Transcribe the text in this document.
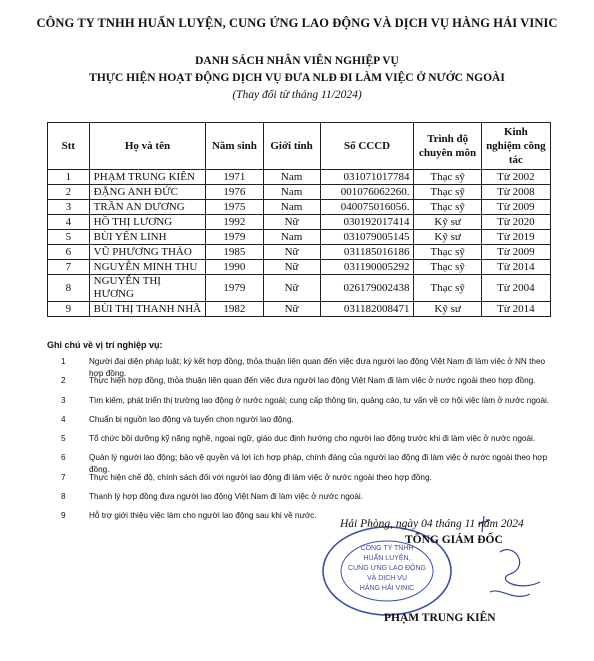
CÔNG TY TNHH HUẤN LUYỆN, CUNG ỨNG LAO ĐỘNG VÀ DỊCH VỤ HÀNG HẢI VINIC
DANH SÁCH NHÂN VIÊN NGHIỆP VỤ
THỰC HIỆN HOẠT ĐỘNG DỊCH VỤ ĐƯA NLĐ ĐI LÀM VIỆC Ở NƯỚC NGOÀI
(Thay đổi từ tháng 11/2024)
Stt	Họ và tên	Năm sinh	Giới tính	Số CCCD	Trình độ chuyên môn	Kinh nghiệm công tác
1	PHẠM TRUNG KIÊN	1971	Nam	031071017784	Thạc sỹ	Từ 2002
2	ĐẶNG ANH ĐỨC	1976	Nam	001076062260.	Thạc sỹ	Từ 2008
3	TRẦN AN DƯƠNG	1975	Nam	040075016056.	Thạc sỹ	Từ 2009
4	HỒ THỊ LƯƠNG	1992	Nữ	030192017414	Kỹ sư	Từ 2020
5	BÙI YẾN LINH	1979	Nam	031079005145	Kỹ sư	Từ 2019
6	VŨ PHƯƠNG THẢO	1985	Nữ	031185016186	Thạc sỹ	Từ 2009
7	NGUYỄN MINH THU	1990	Nữ	031190005292	Thạc sỹ	Từ 2014
8	NGUYỄN THỊ HƯƠNG	1979	Nữ	026179002438	Thạc sỹ	Từ 2004
9	BÙI THỊ THANH NHÃ	1982	Nữ	031182008471	Kỹ sư	Từ 2014
Ghi chú về vị trí nghiệp vụ:
1	Người đại diện pháp luật; ký kết hợp đồng, thỏa thuận liên quan đến việc đưa người lao động Việt Nam đi làm việc ở NN theo hợp đồng.
2	Thực hiện hợp đồng, thỏa thuận liên quan đến việc đưa người lao động Việt Nam đi làm việc ở nước ngoài theo hợp đồng.
3	Tìm kiếm, phát triển thị trường lao động ở nước ngoài; cung cấp thông tin, quảng cáo, tư vấn về cơ hội việc làm ở nước ngoài.
4	Chuẩn bị nguồn lao động và tuyển chọn người lao động.
5	Tổ chức bồi dưỡng kỹ năng nghề, ngoại ngữ, giáo dục định hướng cho người lao động trước khi đi làm việc ở nước ngoài.
6	Quản lý người lao động; bảo vệ quyền và lợi ích hợp pháp, chính đáng của người lao động đi làm việc ở nước ngoài theo hợp đồng.
7	Thực hiện chế độ, chính sách đối với người lao động đi làm việc ở nước ngoài theo hợp đồng.
8	Thanh lý hợp đồng đưa người lao động Việt Nam đi làm việc ở nước ngoài.
9	Hỗ trợ giới thiệu việc làm cho người lao động sau khi về nước.
CÔNG TY TNHH
HUẤN LUYỆN,
CUNG ỨNG LAO ĐỘNG
VÀ DỊCH VỤ
HÀNG HẢI VINIC
Hải Phòng, ngày 04 tháng 11 năm 2024
TỔNG GIÁM ĐỐC
PHẠM TRUNG KIÊN
